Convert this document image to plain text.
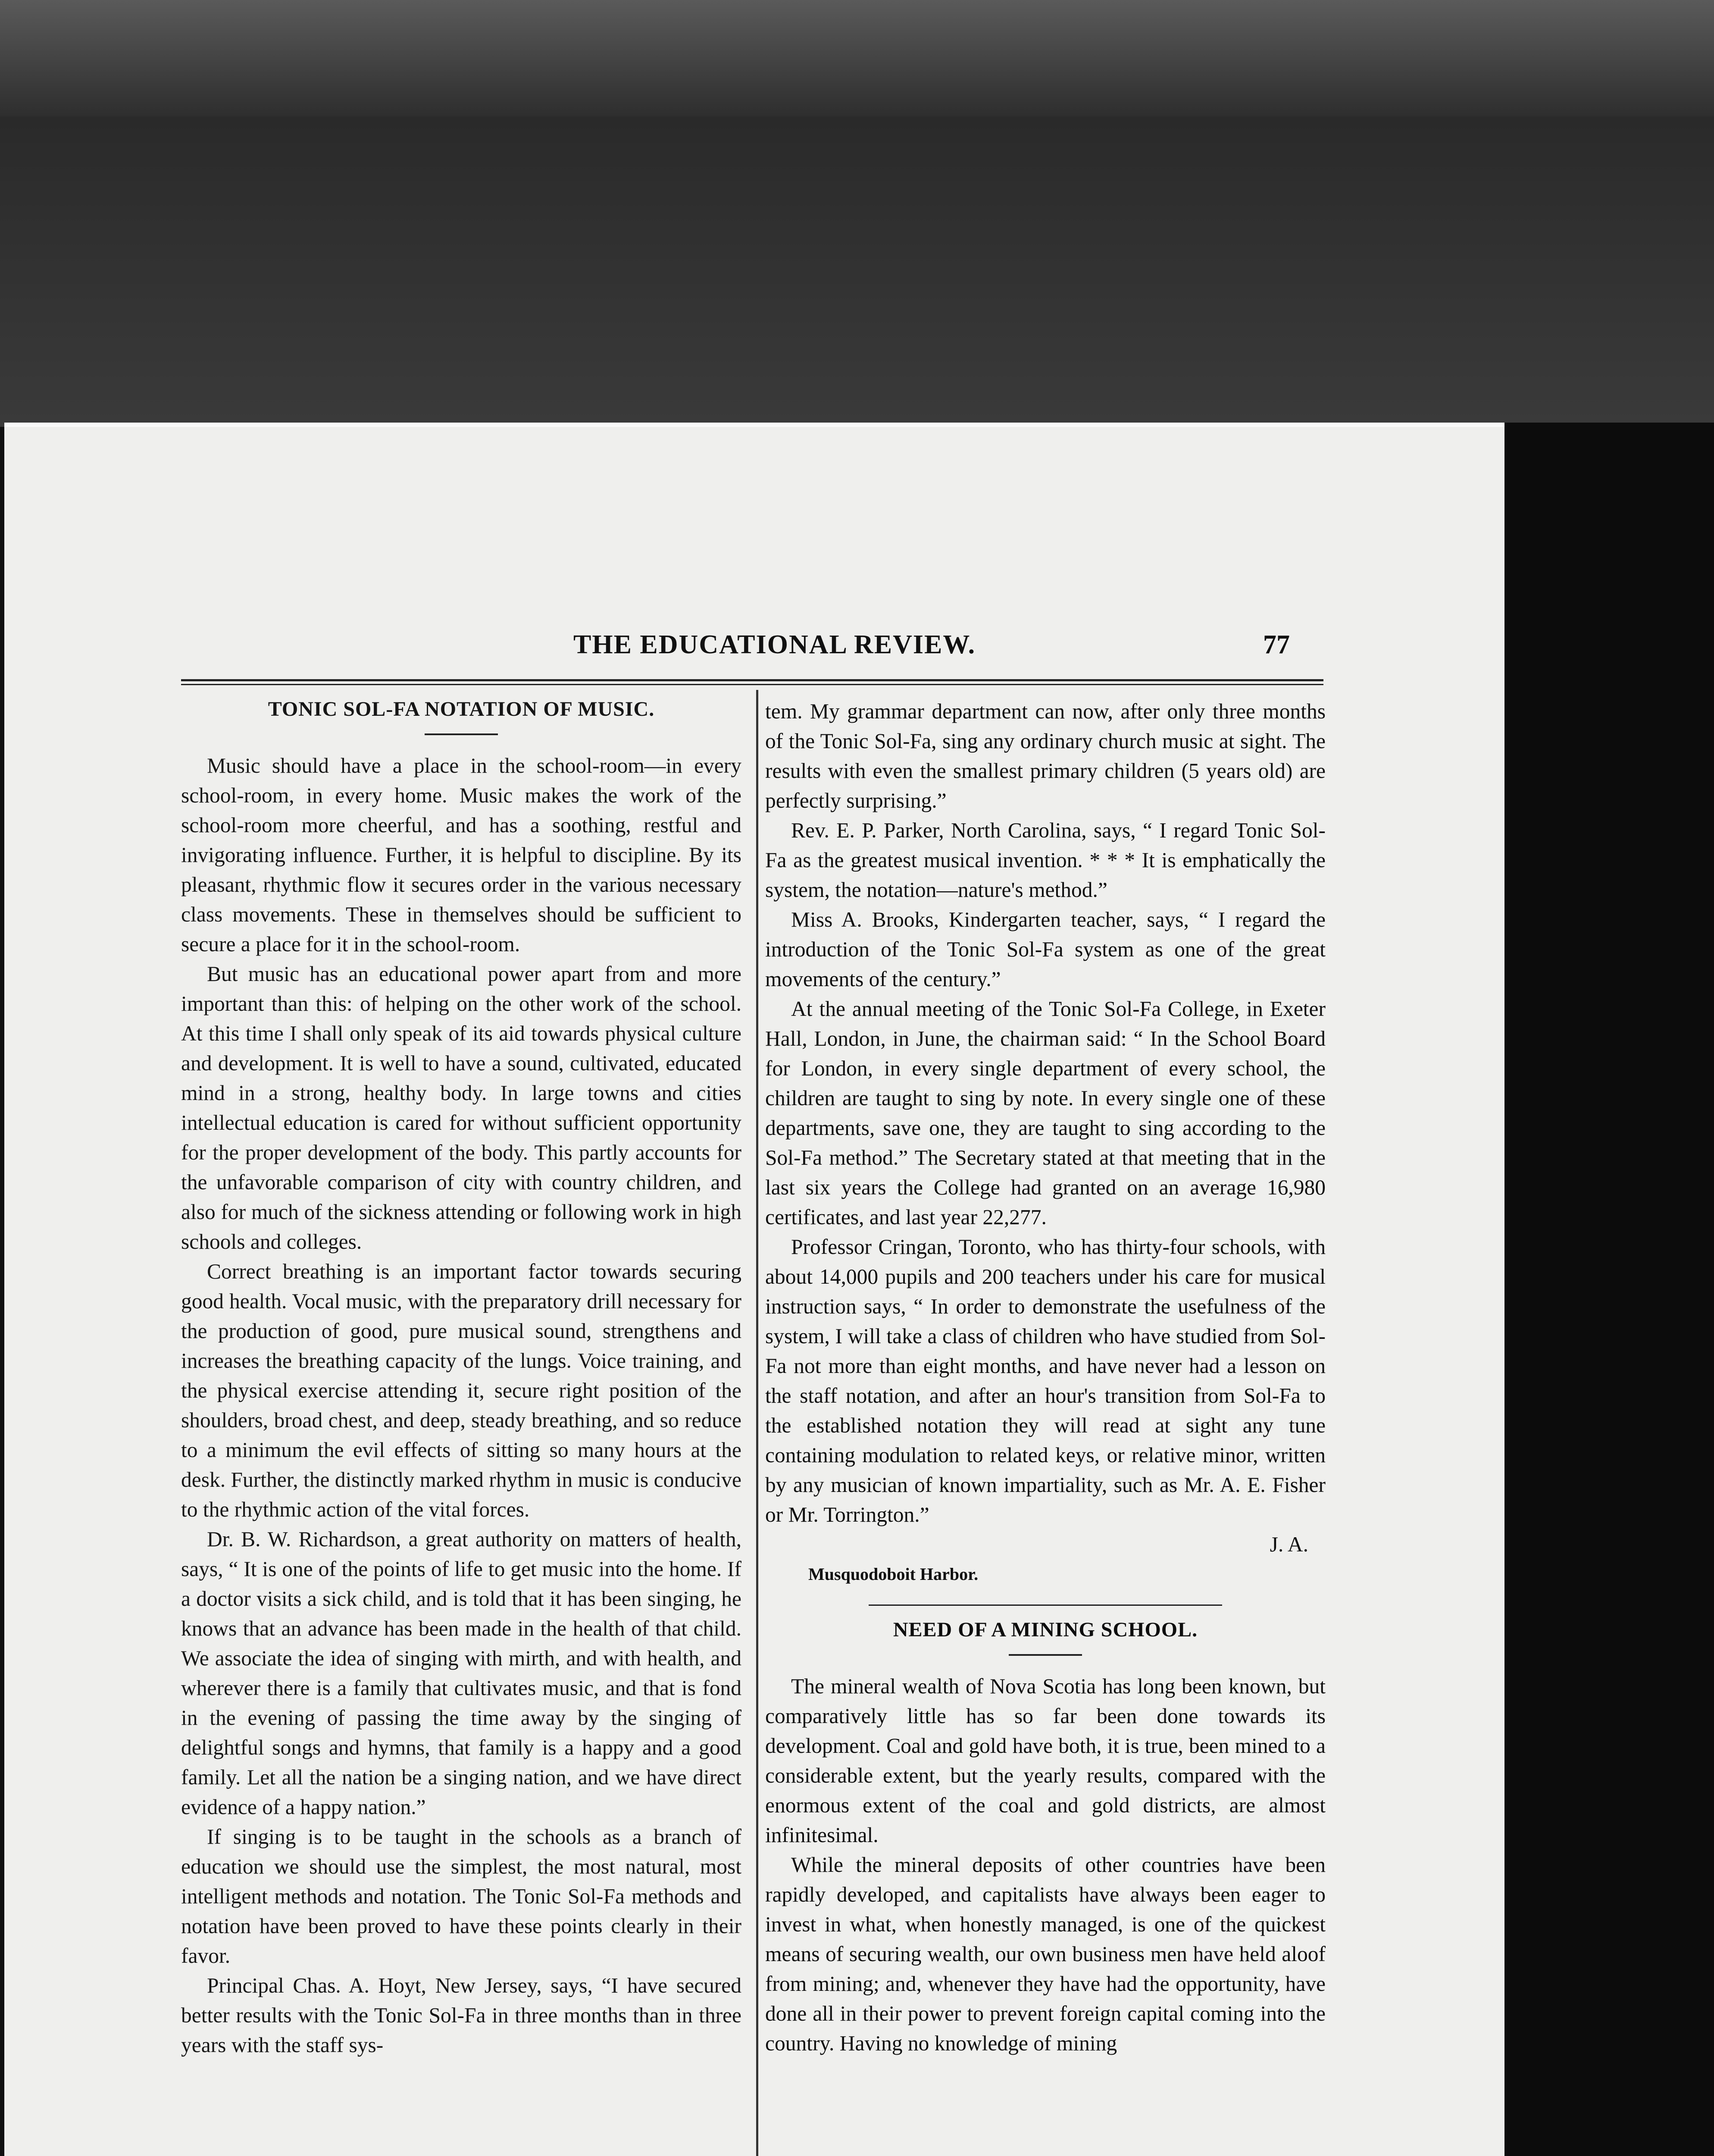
THE EDUCATIONAL REVIEW.	77
TONIC SOL-FA NOTATION OF MUSIC.

Music should have a place in the school-room—in every school-room, in every home. Music makes the work of the school-room more cheerful, and has a soothing, restful and invigorating influence. Further, it is helpful to discipline. By its pleasant, rhythmic flow it secures order in the various necessary class movements. These in themselves should be sufficient to secure a place for it in the school-room.

But music has an educational power apart from and more important than this: of helping on the other work of the school. At this time I shall only speak of its aid towards physical culture and development. It is well to have a sound, cultivated, educated mind in a strong, healthy body. In large towns and cities intellectual education is cared for without sufficient opportunity for the proper development of the body. This partly accounts for the unfavorable comparison of city with country children, and also for much of the sickness attending or following work in high schools and colleges.

Correct breathing is an important factor towards securing good health. Vocal music, with the preparatory drill necessary for the production of good, pure musical sound, strengthens and increases the breathing capacity of the lungs. Voice training, and the physical exercise attending it, secure right position of the shoulders, broad chest, and deep, steady breathing, and so reduce to a minimum the evil effects of sitting so many hours at the desk. Further, the distinctly marked rhythm in music is conducive to the rhythmic action of the vital forces.

Dr. B. W. Richardson, a great authority on matters of health, says, “ It is one of the points of life to get music into the home. If a doctor visits a sick child, and is told that it has been singing, he knows that an advance has been made in the health of that child. We associate the idea of singing with mirth, and with health, and wherever there is a family that cultivates music, and that is fond in the evening of passing the time away by the singing of delightful songs and hymns, that family is a happy and a good family. Let all the nation be a singing nation, and we have direct evidence of a happy nation.”

If singing is to be taught in the schools as a branch of education we should use the simplest, the most natural, most intelligent methods and notation. The Tonic Sol-Fa methods and notation have been proved to have these points clearly in their favor.

Principal Chas. A. Hoyt, New Jersey, says, “I have secured better results with the Tonic Sol-Fa in three months than in three years with the staff sys-

tem. My grammar department can now, after only three months of the Tonic Sol-Fa, sing any ordinary church music at sight. The results with even the smallest primary children (5 years old) are perfectly surprising.”

Rev. E. P. Parker, North Carolina, says, “ I regard Tonic Sol-Fa as the greatest musical invention. * * * It is emphatically the system, the notation—nature's method.”

Miss A. Brooks, Kindergarten teacher, says, “ I regard the introduction of the Tonic Sol-Fa system as one of the great movements of the century.”

At the annual meeting of the Tonic Sol-Fa College, in Exeter Hall, London, in June, the chairman said: “ In the School Board for London, in every single department of every school, the children are taught to sing by note. In every single one of these departments, save one, they are taught to sing according to the Sol-Fa method.” The Secretary stated at that meeting that in the last six years the College had granted on an average 16,980 certificates, and last year 22,277.

Professor Cringan, Toronto, who has thirty-four schools, with about 14,000 pupils and 200 teachers under his care for musical instruction says, “ In order to demonstrate the usefulness of the system, I will take a class of children who have studied from Sol-Fa not more than eight months, and have never had a lesson on the staff notation, and after an hour's transition from Sol-Fa to the established notation they will read at sight any tune containing modulation to related keys, or relative minor, written by any musician of known impartiality, such as Mr. A. E. Fisher or Mr. Torrington.”

J. A.

Musquodoboit Harbor.

NEED OF A MINING SCHOOL.

The mineral wealth of Nova Scotia has long been known, but comparatively little has so far been done towards its development. Coal and gold have both, it is true, been mined to a considerable extent, but the yearly results, compared with the enormous extent of the coal and gold districts, are almost infinitesimal.

While the mineral deposits of other countries have been rapidly developed, and capitalists have always been eager to invest in what, when honestly managed, is one of the quickest means of securing wealth, our own business men have held aloof from mining; and, whenever they have had the opportunity, have done all in their power to prevent foreign capital coming into the country. Having no knowledge of mining
